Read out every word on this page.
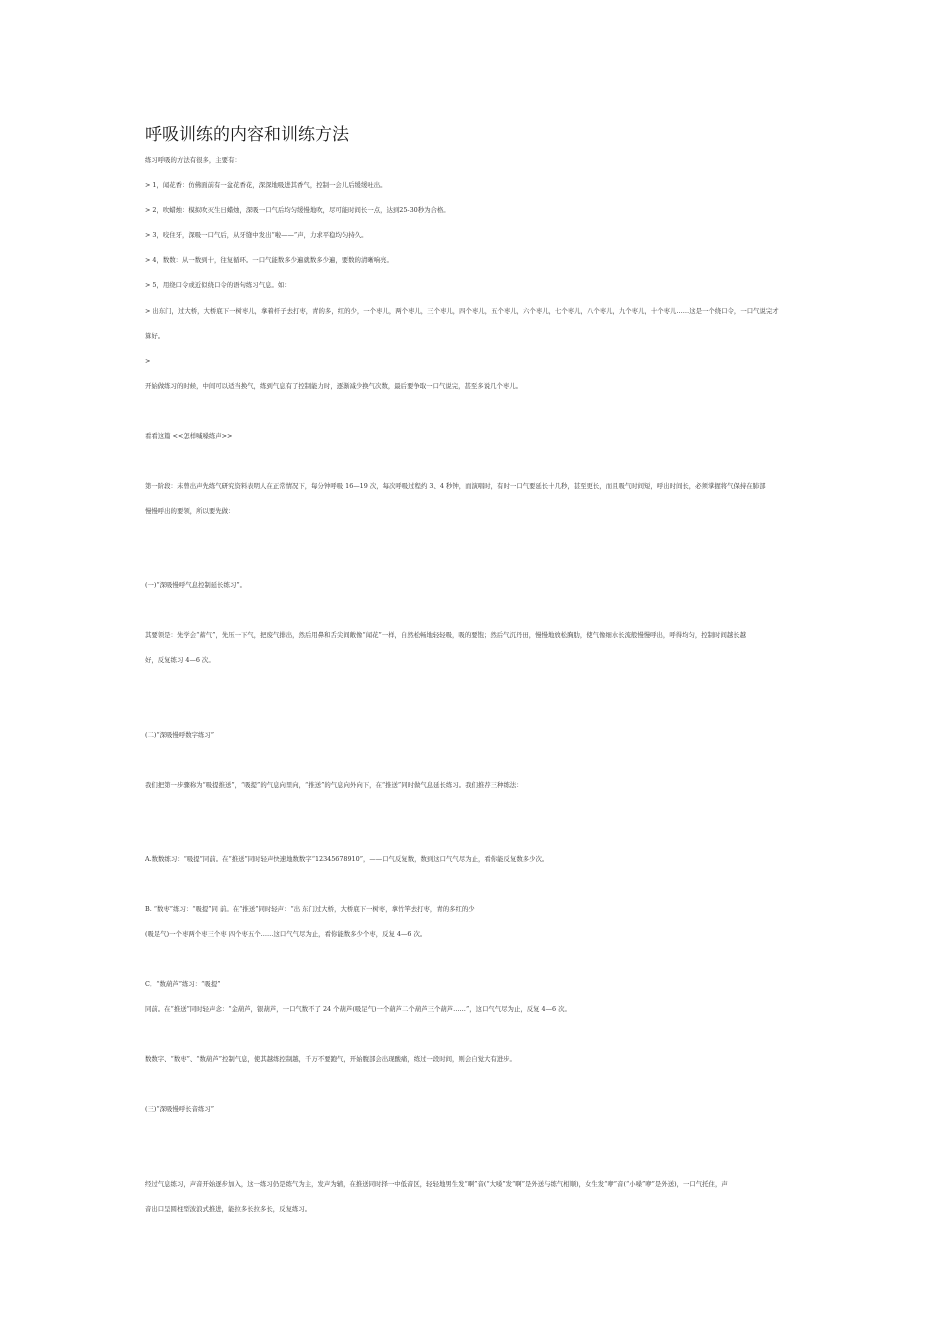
呼吸训练的内容和训练方法
练习呼吸的方法有很多，主要有：
> 1，闻花香：仿佛面前有一盆花香花，深深地吸进其香气，控制一会儿后缓缓吐出。
> 2，吹蜡烛：模拟吹灭生日蜡烛，深吸一口气后均匀缓慢地吹，尽可能时间长一点，达到25-30秒为合格。
> 3，咬住牙，深吸一口气后，从牙缝中发出“啦——”声，力求平稳均匀持久。
> 4，数数：从一数到十，往复循环。一口气能数多少遍就数多少遍，要数的清晰响亮。
> 5，用绕口令或近似绕口令的语句练习气息。如：
> 出东门，过大桥，大桥底下一树枣儿，拿着杆子去打枣，青的多，红的少，一个枣儿，两个枣儿，三个枣儿，四个枣儿，五个枣儿，六个枣儿，七个枣儿，八个枣儿，九个枣儿，十个枣儿……这是一个绕口令，一口气说完才
算好。
>
开始做练习的时候，中间可以适当换气，练到气息有了控制能力时，逐渐减少换气次数，最后要争取一口气说完，甚至多说几个枣儿。
看看这篇 <<怎样喊嗓练声>>
第一阶段：未曾出声先练气研究资料表明人在正常情况下，每分钟呼吸 16—19 次，每次呼吸过程约 3、4 秒钟，而演唱时，有时一口气要延长十几秒，甚至更长，而且吸气时间短，呼出时间长，必须掌握将气保持在肺部
慢慢呼出的要领，所以要先做：
(一)“深吸慢呼气息控制延长练习”。
其要领是：先学会“蓄气”，先压一下气，把废气排出，然后用鼻和舌尖间敞像“闻花”一样，自然松畅地轻轻吸，吸的要饱；然后气沉丹田，慢慢地放松胸肋，使气像细水长流般慢慢呼出，呼得均匀，控制时间越长越
好，反复练习 4—6 次。
(二)“深吸慢呼数字练习”
我们把第一步骤称为“吸提推送”，“吸提”的气息向里向，“推送”的气息向外向下，在“推送”同时做气息延长练习。我们推荐三种练法：
A.数数练习：“吸提”同前。在“推送”同时轻声快速地数数字“12345678910”，——口气反复数，数到这口气气尽为止，看你能反复数多少次。
B. “数枣”练习：“吸提”同 前。在“推送”同时轻声：“出 东门过大桥，大桥底下一树枣，拿竹竿去打枣，青的多红的少
(吸足气)一个枣两个枣三个枣 四个枣五个……这口气气尽为止，看你能数多少个枣，反复 4—6 次。
C．“数葫芦”练习：“吸提”
同前。在“推送”同时轻声念：“金葫芦，银葫芦，一口气数不了 24 个葫芦(吸足气)一个葫芦二个葫芦三个葫芦……”，这口气气尽为止，反复 4—6 次。
数数字、“数枣”、“数葫芦”控制气息，使其越练控制越，千万不要跑气，开始腹部会出现酸痛，练过一段时间，则会自觉大有进步。
(三)“深吸慢呼长音练习”
经过气息练习，声音开始逐步加入，这一练习仍是练气为主，发声为辅，在推送同时择一中低音区，轻轻地男生发“啊”音(“大嗓”发“啊”是外送与练气相顺)，女生发“咿”音(“小嗓”咿”是外送)，一口气托住，声
音出口呈圆柱型波浪式推进，能拉多长拉多长，反复练习。
